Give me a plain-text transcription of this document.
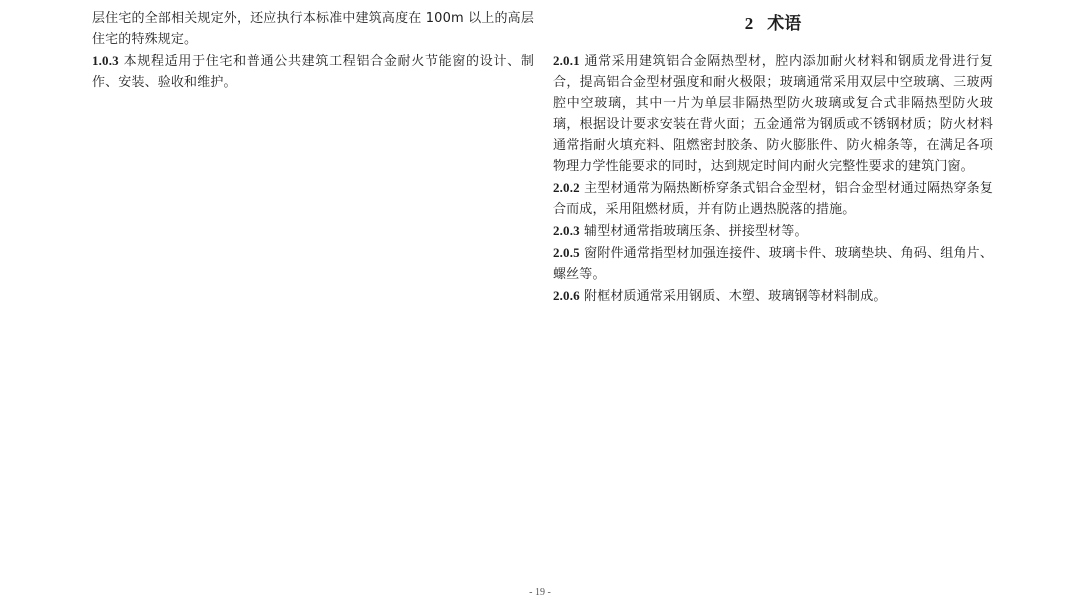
层住宅的全部相关规定外，还应执行本标准中建筑高度在 100m 以上的高层住宅的特殊规定。

1.0.3 本规程适用于住宅和普通公共建筑工程铝合金耐火节能窗的设计、制作、安装、验收和维护。

2 术语

2.0.1 通常采用建筑铝合金隔热型材，腔内添加耐火材料和钢质龙骨进行复合，提高铝合金型材强度和耐火极限；玻璃通常采用双层中空玻璃、三玻两腔中空玻璃，其中一片为单层非隔热型防火玻璃或复合式非隔热型防火玻璃，根据设计要求安装在背火面；五金通常为钢质或不锈钢材质；防火材料通常指耐火填充料、阻燃密封胶条、防火膨胀件、防火棉条等，在满足各项物理力学性能要求的同时，达到规定时间内耐火完整性要求的建筑门窗。

2.0.2 主型材通常为隔热断桥穿条式铝合金型材，铝合金型材通过隔热穿条复合而成，采用阻燃材质，并有防止遇热脱落的措施。

2.0.3 辅型材通常指玻璃压条、拼接型材等。

2.0.5 窗附件通常指型材加强连接件、玻璃卡件、玻璃垫块、角码、组角片、螺丝等。

2.0.6 附框材质通常采用钢质、木塑、玻璃钢等材料制成。

- 19 -
